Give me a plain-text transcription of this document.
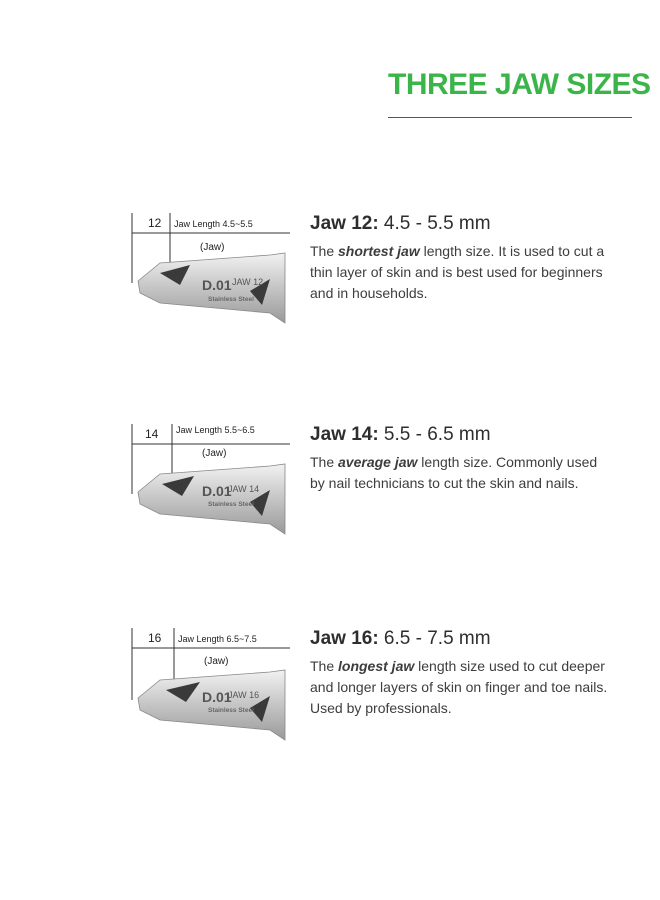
THREE JAW SIZES
12 Jaw Length 4.5~5.5
(Jaw)
D.01 JAW 12
Stainless Steel
Jaw 12: 4.5 - 5.5 mm
The shortest jaw length size. It is used to cut a thin layer of skin and is best used for beginners and in households.
14 Jaw Length 5.5~6.5
(Jaw)
D.01
JAW 14
Stainless Steel
Jaw 14: 5.5 - 6.5 mm
The average jaw length size. Commonly used by nail technicians to cut the skin and nails.
16 Jaw Length 6.5~7.5
(Jaw)
D.01
JAW 16
Stainless Steel
Jaw 16: 6.5 - 7.5 mm
The longest jaw length size used to cut deeper and longer layers of skin on finger and toe nails. Used by professionals.
